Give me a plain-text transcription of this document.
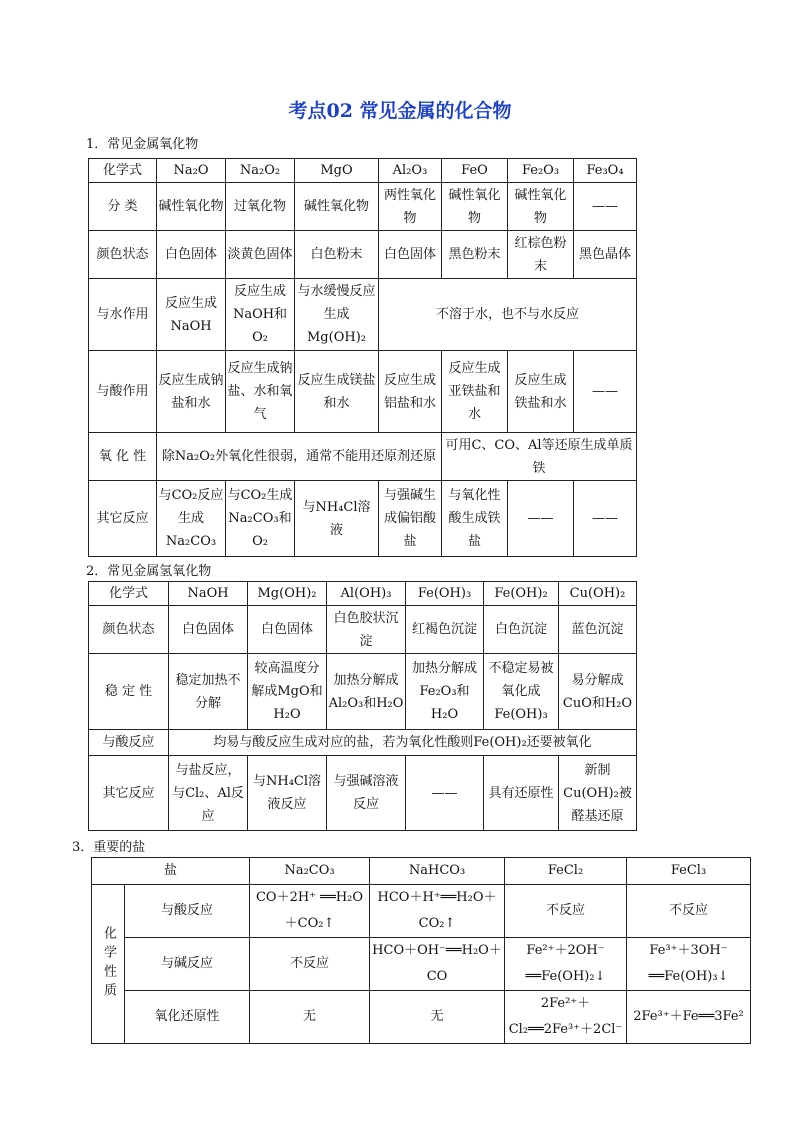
考点02 常见金属的化合物
1．常见金属氧化物
化学式	Na₂O	Na₂O₂	MgO	Al₂O₃	FeO	Fe₂O₃	Fe₃O₄
分 类	碱性氧化物	过氧化物	碱性氧化物	两性氧化物	碱性氧化物	碱性氧化物	——
颜色状态	白色固体	淡黄色固体	白色粉末	白色固体	黑色粉末	红棕色粉末	黑色晶体
与水作用	反应生成NaOH	反应生成NaOH和O₂	与水缓慢反应生成Mg(OH)₂	不溶于水，也不与水反应			
与酸作用	反应生成钠盐和水	反应生成钠盐、水和氧气	反应生成镁盐和水	反应生成铝盐和水	反应生成亚铁盐和水	反应生成铁盐和水	——
氧 化 性	除Na₂O₂外氧化性很弱，通常不能用还原剂还原				可用C、CO、Al等还原生成单质铁		
其它反应	与CO₂反应生成Na₂CO₃	与CO₂生成Na₂CO₃和O₂	与NH₄Cl溶液	与强碱生成偏铝酸盐	与氧化性酸生成铁盐	——	——
2．常见金属氢氧化物
化学式	NaOH	Mg(OH)₂	Al(OH)₃	Fe(OH)₃	Fe(OH)₂	Cu(OH)₂
颜色状态	白色固体	白色固体	白色胶状沉淀	红褐色沉淀	白色沉淀	蓝色沉淀
稳 定 性	稳定加热不分解	较高温度分解成MgO和H₂O	加热分解成Al₂O₃和H₂O	加热分解成Fe₂O₃和H₂O	不稳定易被氧化成Fe(OH)₃	易分解成CuO和H₂O
与酸反应	均易与酸反应生成对应的盐，若为氧化性酸则Fe(OH)₂还要被氧化					
其它反应	与盐反应，与Cl₂、Al反应	与NH₄Cl溶液反应	与强碱溶液反应	——	具有还原性	新制Cu(OH)₂被醛基还原
3．重要的盐
盐		Na₂CO₃	NaHCO₃	FeCl₂	FeCl₃
化学性质	与酸反应	CO＋2H⁺ ══H₂O＋CO₂↑	HCO＋H⁺══H₂O＋CO₂↑	不反应	不反应
	与碱反应	不反应	HCO＋OH⁻══H₂O＋CO	Fe²⁺＋2OH⁻ ══Fe(OH)₂↓	Fe³⁺＋3OH⁻ ══Fe(OH)₃↓
	氧化还原性	无	无	2Fe²⁺＋Cl₂══2Fe³⁺＋2Cl⁻	2Fe³⁺＋Fe══3Fe²
